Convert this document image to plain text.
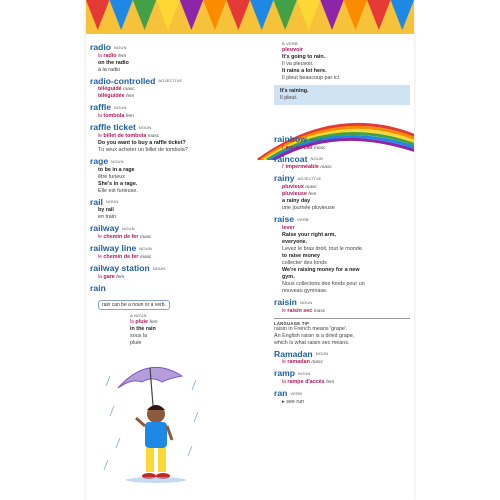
radio NOUN
la radio fem
on the radio
à la radio
radio-controlled ADJECTIVE
téléguidé masc
téléguidée fem
raffle NOUN
la tombola fem
raffle ticket NOUN
le billet de tombola masc
Do you want to buy a raffle ticket?
Tu veux acheter un billet de tombola?
rage NOUN
to be in a rage
être furieux
She's in a rage.
Elle est furieuse.
rail NOUN
by rail
en train
railway NOUN
le chemin de fer masc
railway line NOUN
le chemin de fer masc
railway station NOUN
la gare fem
rain
rain can be a noun or a verb.
A NOUN
la pluie fem
in the rain
sous la
pluie
B VERB
pleuvoir
It's going to rain.
Il va pleuvoir.
It rains a lot here.
Il pleut beaucoup par ici.
It's raining.
Il pleut.
rainbow NOUN
l' arc-en-ciel masc
raincoat NOUN
l' imperméable masc
rainy ADJECTIVE
pluvieux masc
pluvieuse fem
a rainy day
une journée pluvieuse
raise VERB
lever
Raise your right arm,
everyone.
Levez le bras droit, tout le monde.
to raise money
collecter des fonds
We're raising money for a new
gym.
Nous collectons des fonds pour un
nouveau gymnase.
raisin NOUN
le raisin sec masc
LANGUAGE TIP
raisin in French means 'grape'.
An English raisin is a dried grape,
which is what raisin sec means.
Ramadan NOUN
le ramadan masc
ramp NOUN
la rampe d'accès fem
ran VERB
▸ see run
